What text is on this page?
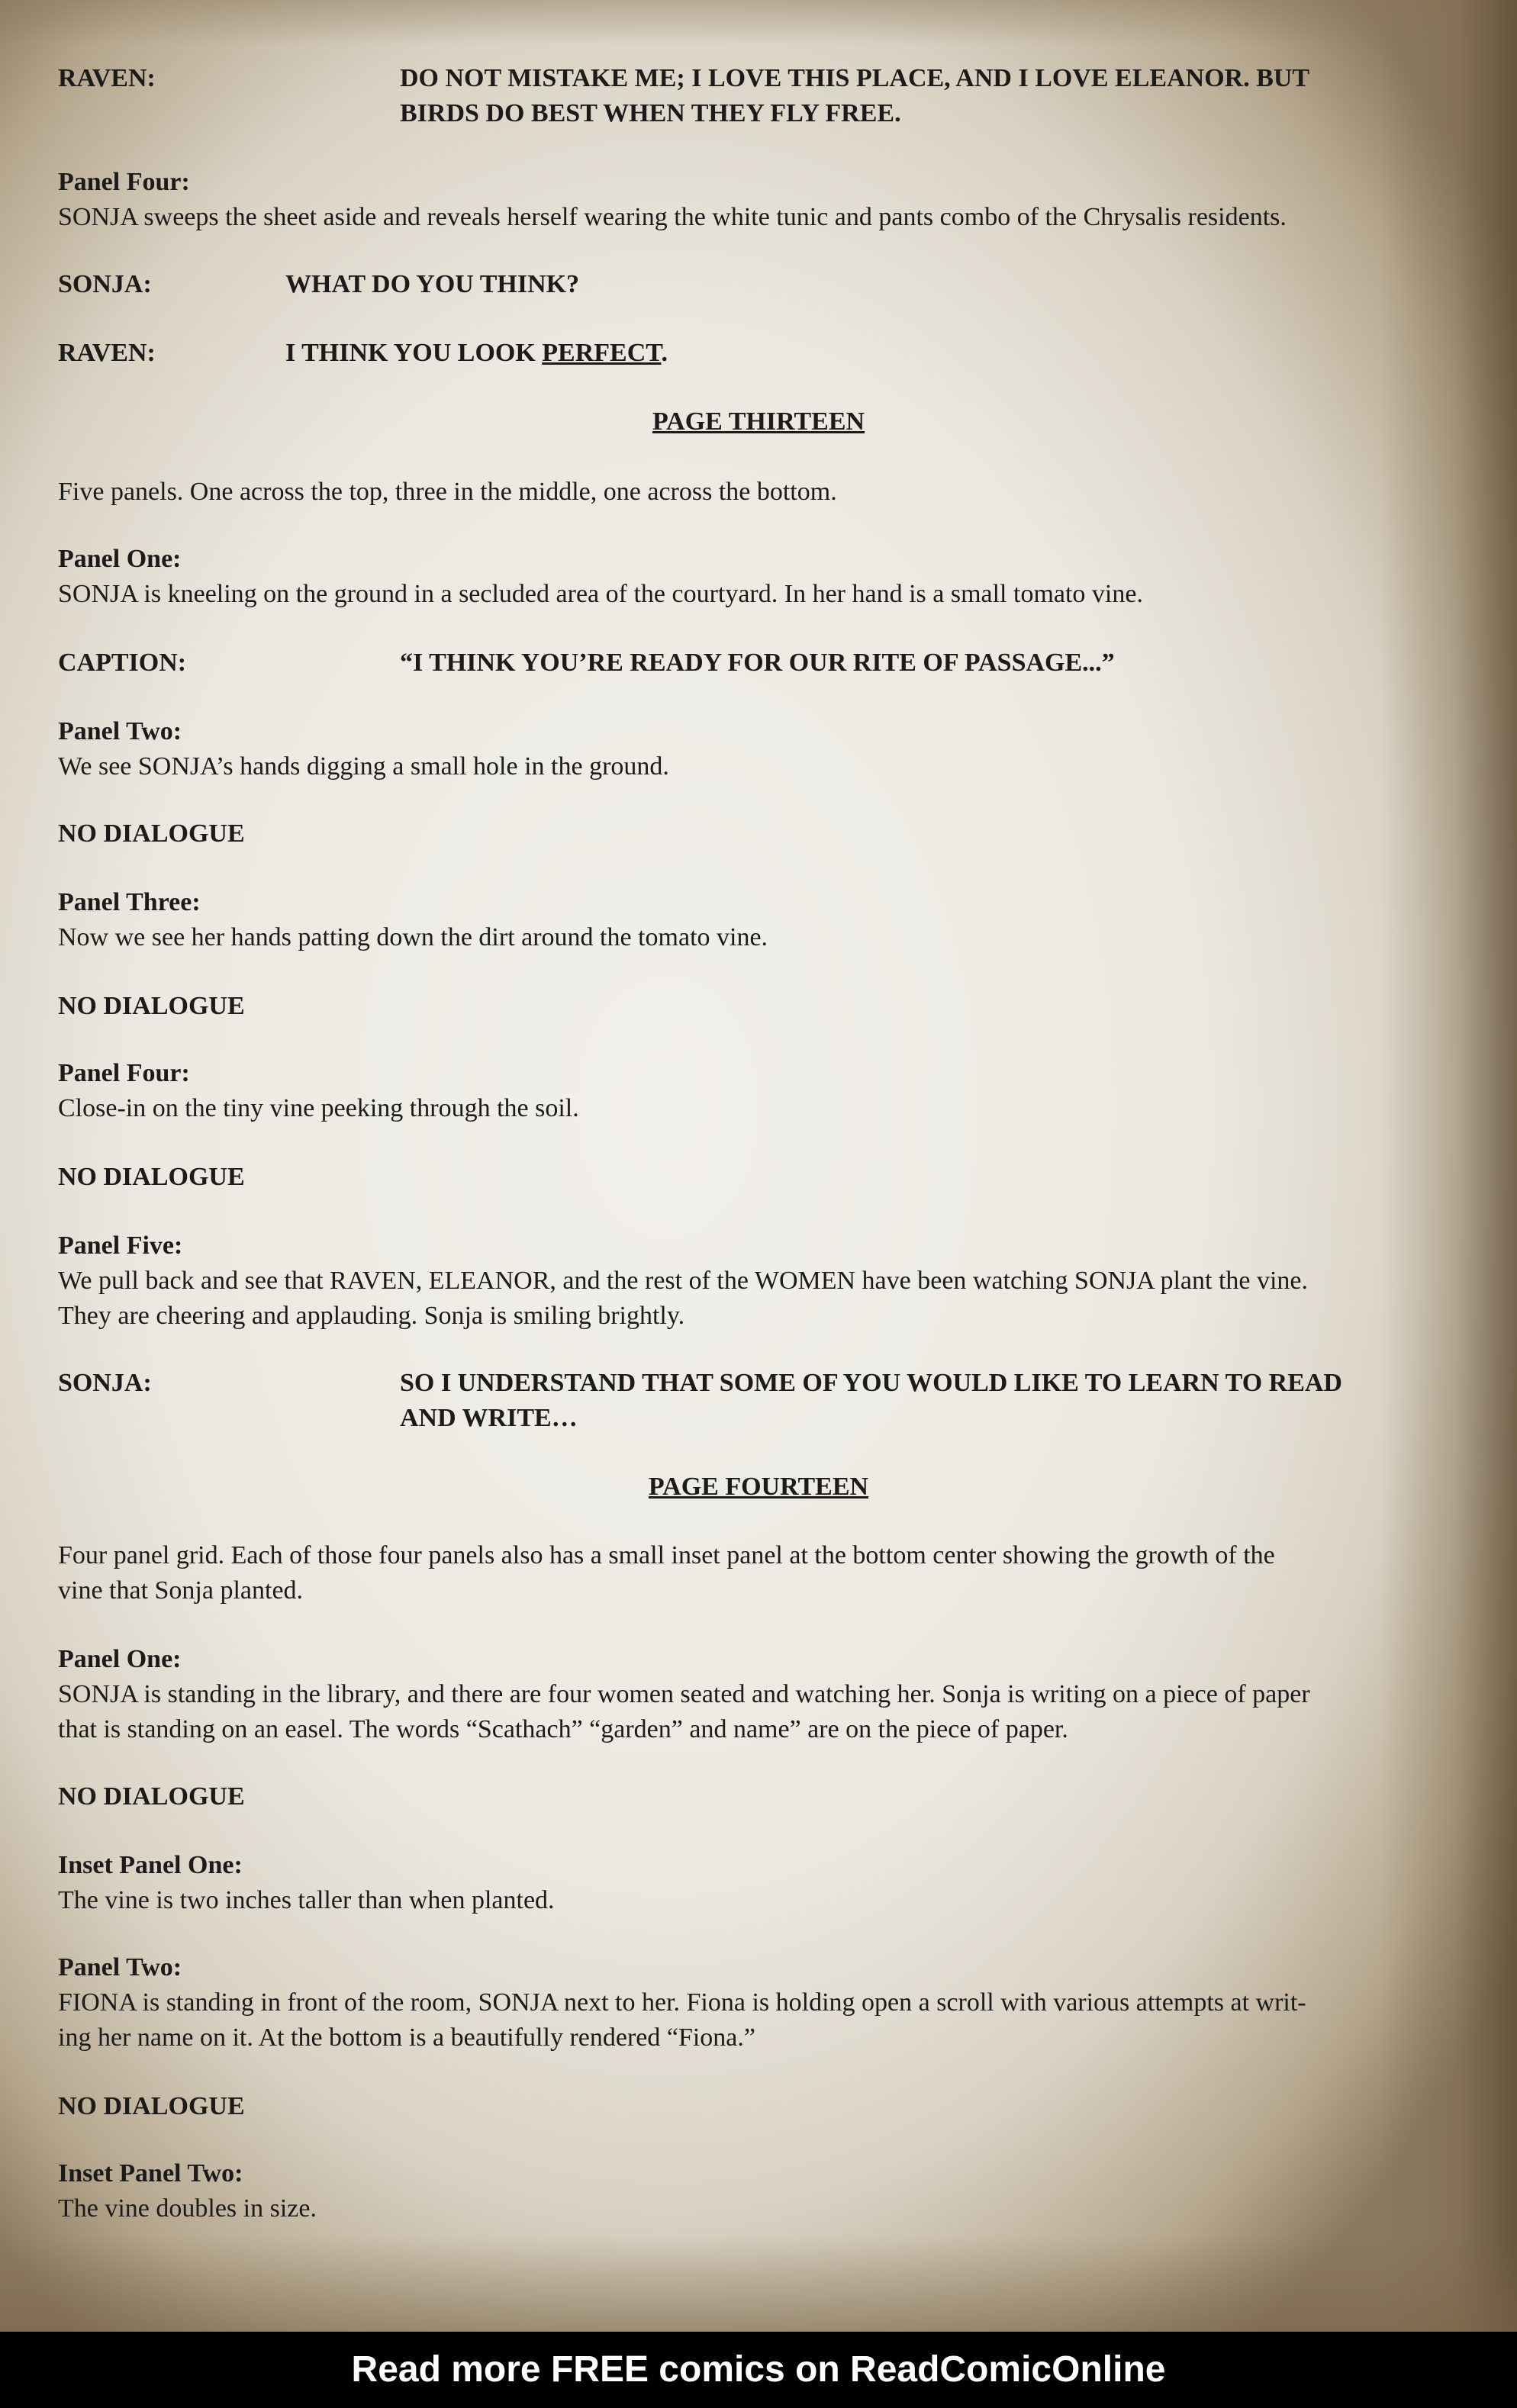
RAVEN:	DO NOT MISTAKE ME; I LOVE THIS PLACE, AND I LOVE ELEANOR. BUT
BIRDS DO BEST WHEN THEY FLY FREE.
Panel Four:
SONJA sweeps the sheet aside and reveals herself wearing the white tunic and pants combo of the Chrysalis residents.
SONJA:	WHAT DO YOU THINK?
RAVEN:	I THINK YOU LOOK PERFECT.
PAGE THIRTEEN
Five panels. One across the top, three in the middle, one across the bottom.
Panel One:
SONJA is kneeling on the ground in a secluded area of the courtyard. In her hand is a small tomato vine.
CAPTION:	“I THINK YOU’RE READY FOR OUR RITE OF PASSAGE...”
Panel Two:
We see SONJA’s hands digging a small hole in the ground.
NO DIALOGUE
Panel Three:
Now we see her hands patting down the dirt around the tomato vine.
NO DIALOGUE
Panel Four:
Close-in on the tiny vine peeking through the soil.
NO DIALOGUE
Panel Five:
We pull back and see that RAVEN, ELEANOR, and the rest of the WOMEN have been watching SONJA plant the vine.
They are cheering and applauding. Sonja is smiling brightly.
SONJA:	SO I UNDERSTAND THAT SOME OF YOU WOULD LIKE TO LEARN TO READ
AND WRITE…
PAGE FOURTEEN
Four panel grid. Each of those four panels also has a small inset panel at the bottom center showing the growth of the
vine that Sonja planted.
Panel One:
SONJA is standing in the library, and there are four women seated and watching her. Sonja is writing on a piece of paper
that is standing on an easel. The words “Scathach” “garden” and name” are on the piece of paper.
NO DIALOGUE
Inset Panel One:
The vine is two inches taller than when planted.
Panel Two:
FIONA is standing in front of the room, SONJA next to her. Fiona is holding open a scroll with various attempts at writ-
ing her name on it. At the bottom is a beautifully rendered “Fiona.”
NO DIALOGUE
Inset Panel Two:
The vine doubles in size.
Read more FREE comics on ReadComicOnline
